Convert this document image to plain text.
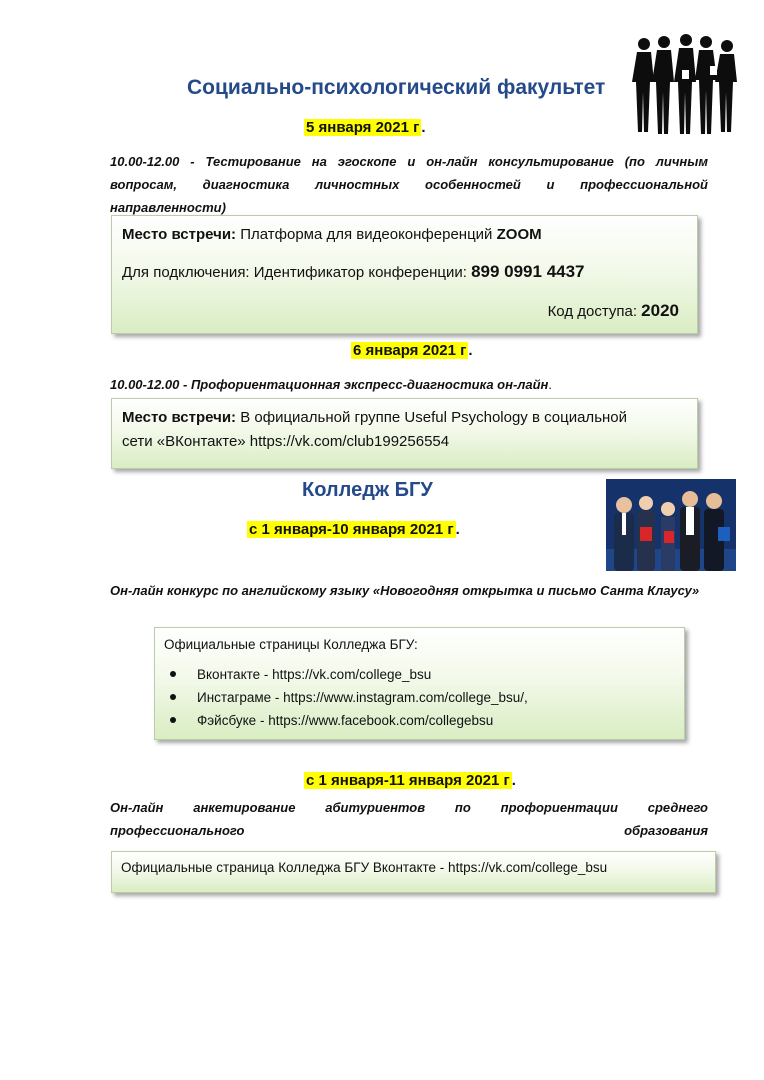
Социально-психологический факультет
5 января 2021 г .
10.00-12.00 - Тестирование на эгоскопе и он-лайн консультирование (по личным вопросам, диагностика личностных особенностей и профессиональной направленности)
Место встречи: Платформа для видеоконференций ZOOM
Для подключения: Идентификатор конференции: 899 0991 4437
Код доступа: 2020
6 января 2021 г .
10.00-12.00 - Профориентационная экспресс-диагностика он-лайн.
Место встречи: В официальной группе Useful Psychology в социальной
сети «ВКонтакте» https://vk.com/club199256554
Колледж БГУ
с 1 января-10 января 2021 г .
Он-лайн конкурс по английскому языку «Новогодняя открытка и письмо Санта Клаусу»
Официальные страницы Колледжа БГУ:
Вконтакте - https://vk.com/college_bsu
Инстаграме - https://www.instagram.com/college_bsu/,
Фэйсбуке - https://www.facebook.com/collegebsu
с 1 января-11 января 2021 г .
Он-лайн анкетирование абитуриентов по профориентации среднего профессионального образования
Официальные страница Колледжа БГУ Вконтакте - https://vk.com/college_bsu
